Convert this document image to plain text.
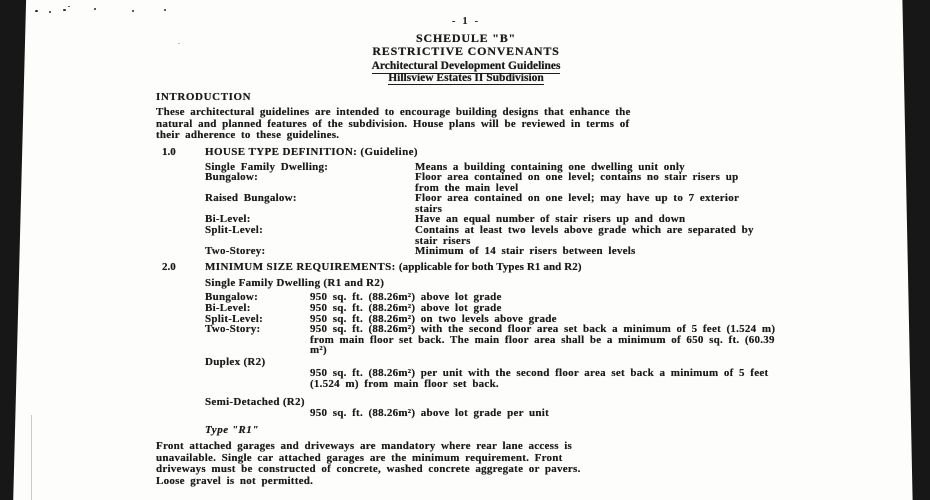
- 1 -
SCHEDULE "B"
RESTRICTIVE CONVENANTS
Architectural Development Guidelines
Hillsview Estates II Subdivision
INTRODUCTION
These architectural guidelines are intended to encourage building designs that enhance the
natural and planned features of the subdivision. House plans will be reviewed in terms of
their adherence to these guidelines.
1.0	HOUSE TYPE DEFINITION: (Guideline)
Single Family Dwelling:	Means a building containing one dwelling unit only
Bungalow:	Floor area contained on one level; contains no stair risers up from the main level
Raised Bungalow:	Floor area contained on one level; may have up to 7 exterior stairs
Bi-Level:	Have an equal number of stair risers up and down
Split-Level:	Contains at least two levels above grade which are separated by stair risers
Two-Storey:	Minimum of 14 stair risers between levels
2.0	MINIMUM SIZE REQUIREMENTS: (applicable for both Types R1 and R2)
Single Family Dwelling (R1 and R2)
Bungalow:	950 sq. ft. (88.26m²) above lot grade
Bi-Level:	950 sq. ft. (88.26m²) above lot grade
Split-Level:	950 sq. ft. (88.26m²) on two levels above grade
Two-Story:	950 sq. ft. (88.26m²) with the second floor area set back a minimum of 5 feet (1.524 m) from main floor set back. The main floor area shall be a minimum of 650 sq. ft. (60.39 m²)
Duplex (R2)
950 sq. ft. (88.26m²) per unit with the second floor area set back a minimum of 5 feet (1.524 m) from main floor set back.
Semi-Detached (R2)
950 sq. ft. (88.26m²) above lot grade per unit
Type "R1"
Front attached garages and driveways are mandatory where rear lane access is
unavailable. Single car attached garages are the minimum requirement. Front
driveways must be constructed of concrete, washed concrete aggregate or pavers.
Loose gravel is not permitted.
